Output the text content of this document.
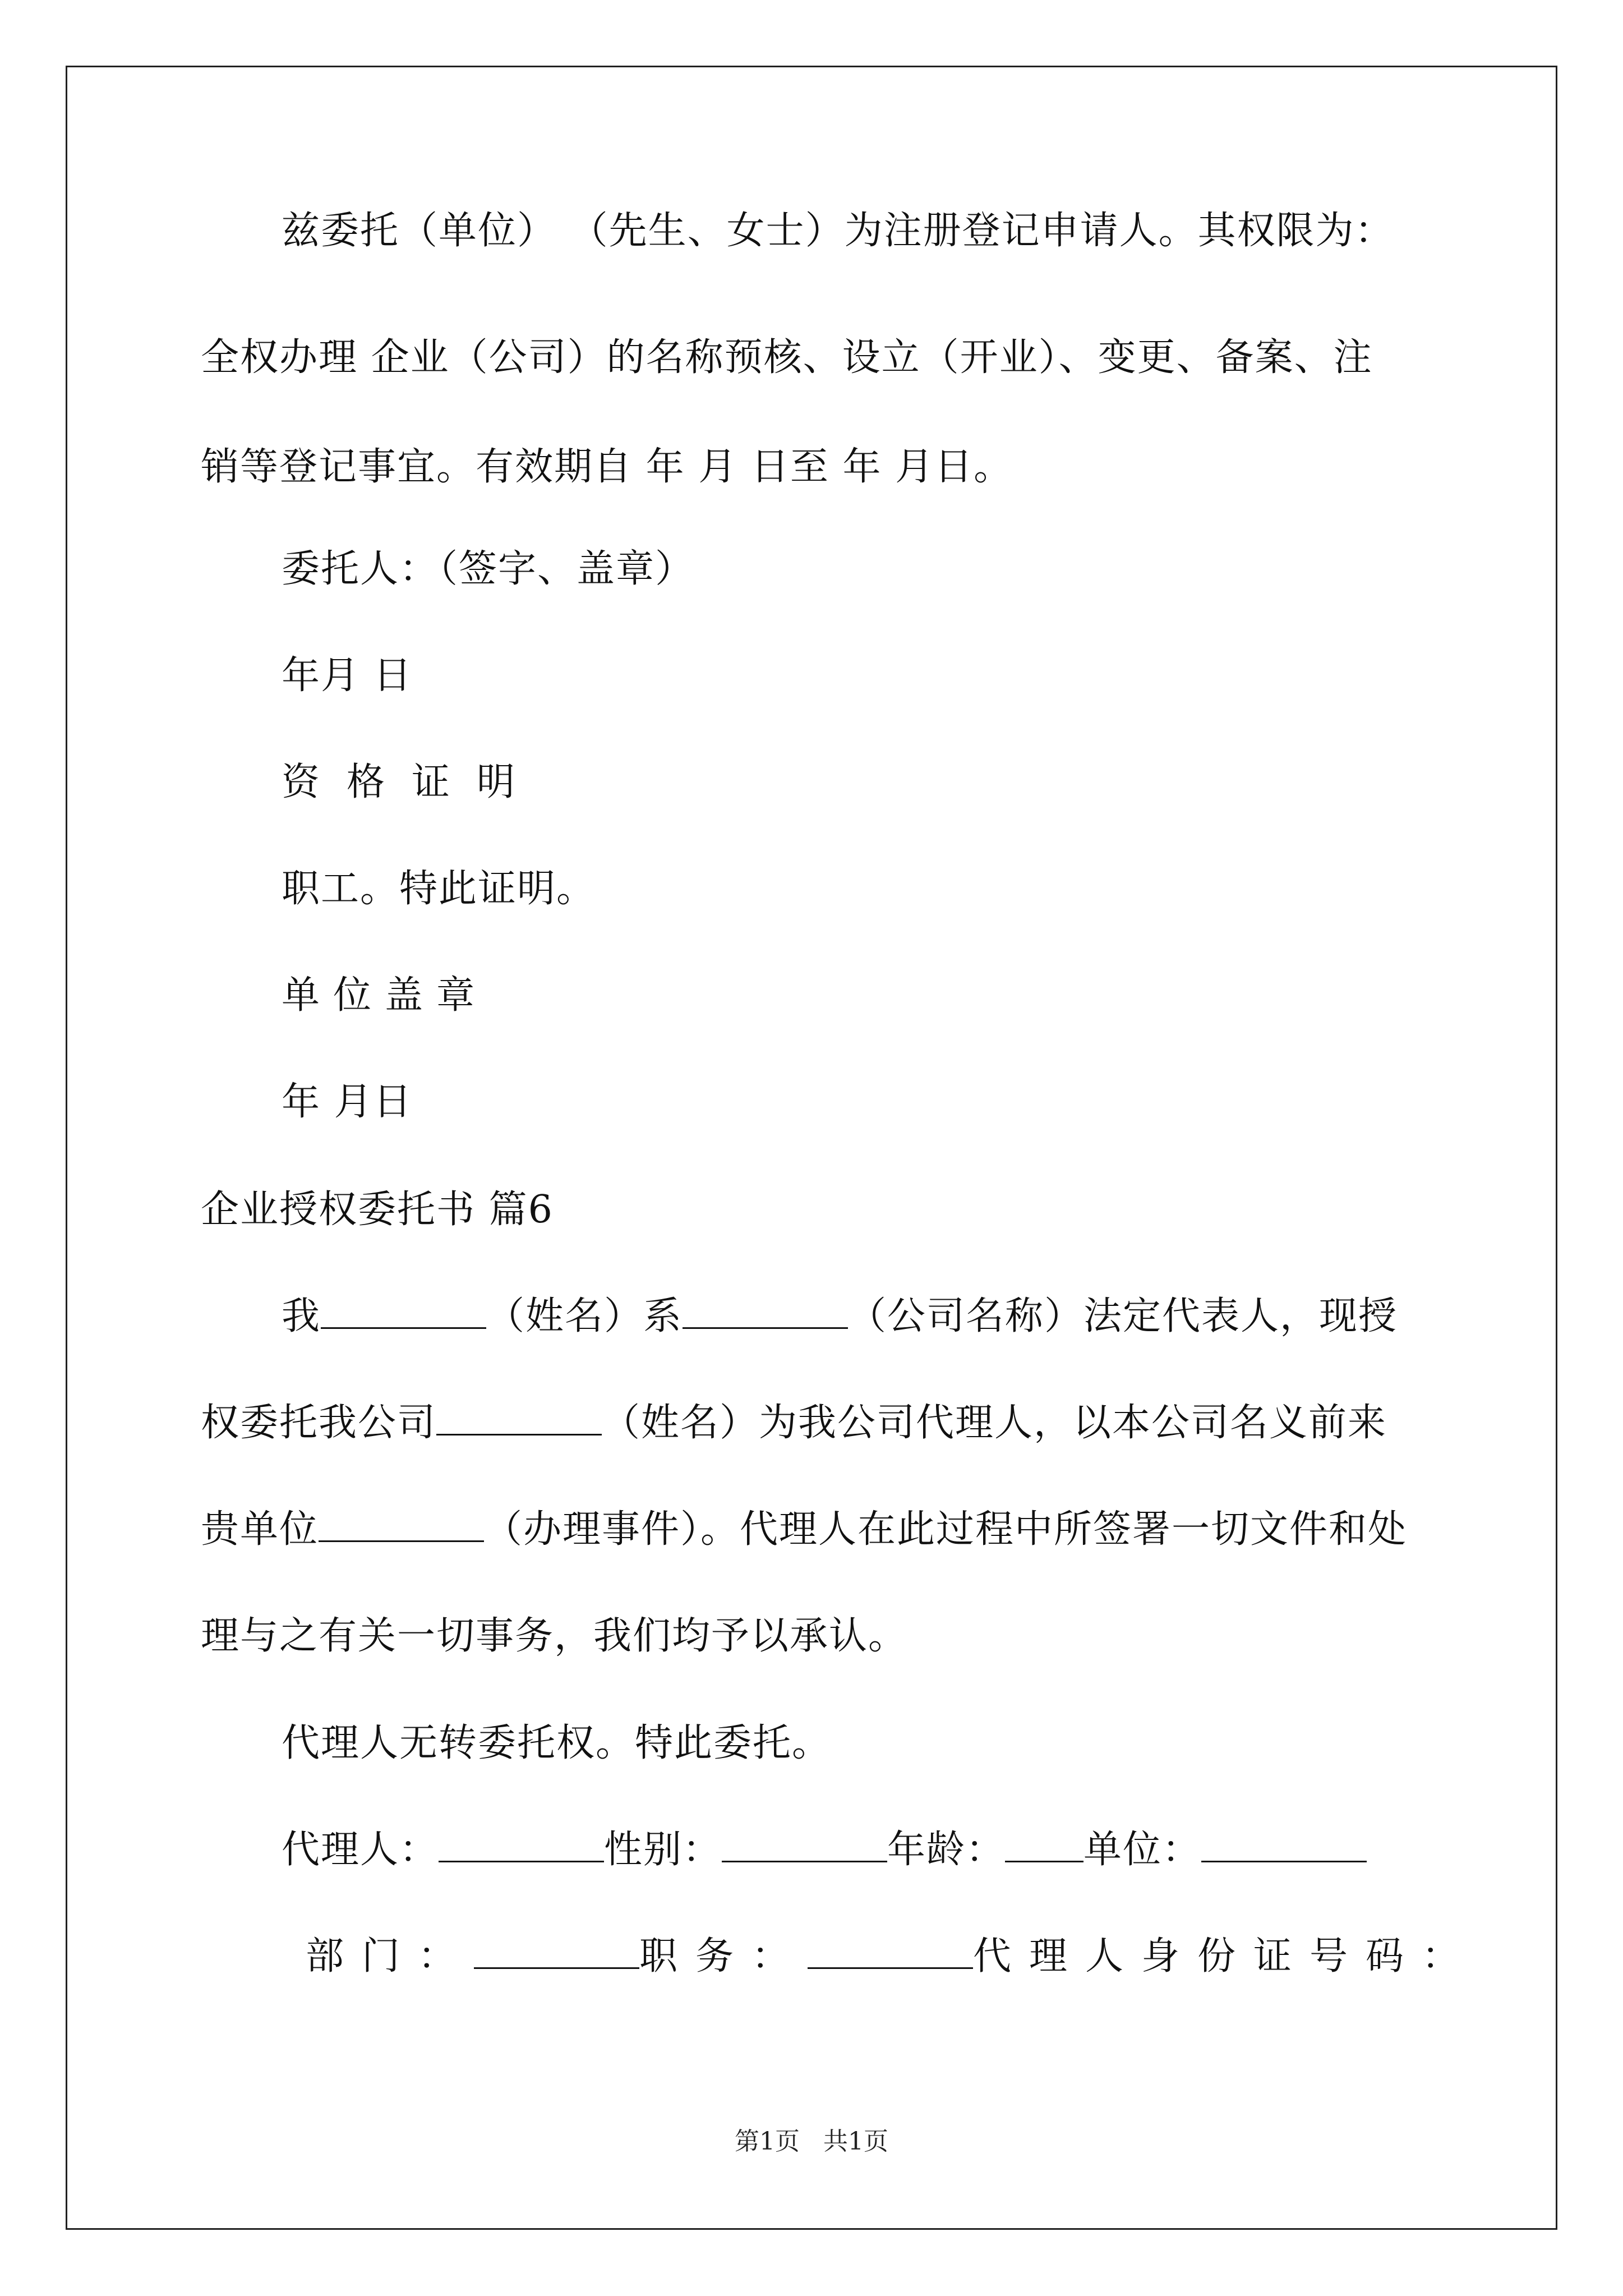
兹委托（单位） （先生、女士）为注册登记申请人。其权限为：
全权办理 企业（公司）的名称预核、设立（开业）、变更、备案、注
销等登记事宜。有效期自 年 月 日至 年 月日。
委托人：（签字、盖章）
年月 日
资格证明
职工。特此证明。
单位盖章
年 月日
企业授权委托书 篇6
我	（姓名）系	（公司名称）法定代表人，现授
权委托我公司	（姓名）为我公司代理人，以本公司名义前来
贵单位	（办理事件）。代理人在此过程中所签署一切文件和处
理与之有关一切事务，我们均予以承认。
代理人无转委托权。特此委托。
代理人：	性别：	年龄： 单位：
部门：	职务：	代理人身份证号码：
第1页   共1页
